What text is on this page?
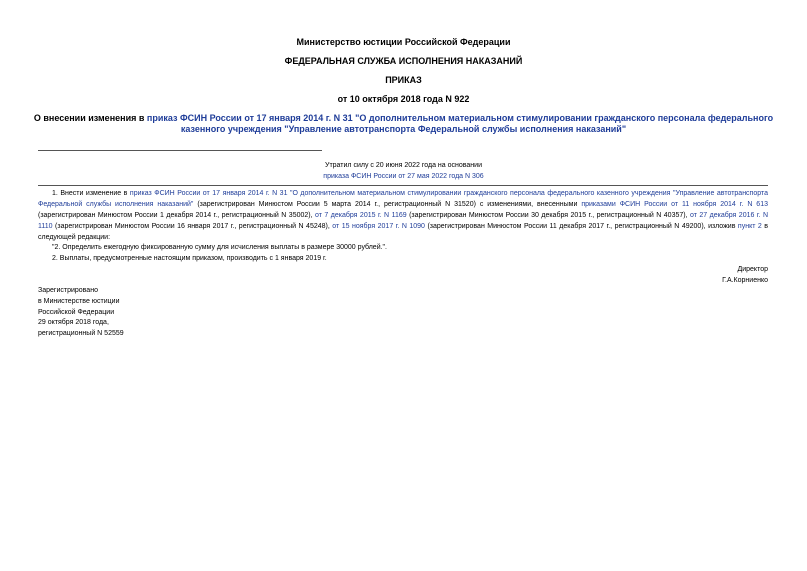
Министерство юстиции Российской Федерации
ФЕДЕРАЛЬНАЯ СЛУЖБА ИСПОЛНЕНИЯ НАКАЗАНИЙ
ПРИКАЗ
от 10 октября 2018 года N 922
О внесении изменения в приказ ФСИН России от 17 января 2014 г. N 31 "О дополнительном материальном стимулировании гражданского персонала федерального казенного учреждения "Управление автотранспорта Федеральной службы исполнения наказаний"
Утратил силу с 20 июня 2022 года на основании
приказа ФСИН России от 27 мая 2022 года N 306
1. Внести изменение в приказ ФСИН России от 17 января 2014 г. N 31 "О дополнительном материальном стимулировании гражданского персонала федерального казенного учреждения "Управление автотранспорта Федеральной службы исполнения наказаний" (зарегистрирован Минюстом России 5 марта 2014 г., регистрационный N 31520) с изменениями, внесенными приказами ФСИН России от 11 ноября 2014 г. N 613 (зарегистрирован Минюстом России 1 декабря 2014 г., регистрационный N 35002), от 7 декабря 2015 г. N 1169 (зарегистрирован Минюстом России 30 декабря 2015 г., регистрационный N 40357), от 27 декабря 2016 г. N 1110 (зарегистрирован Минюстом России 16 января 2017 г., регистрационный N 45248), от 15 ноября 2017 г. N 1090 (зарегистрирован Минюстом России 11 декабря 2017 г., регистрационный N 49200), изложив пункт 2 в следующей редакции:
"2. Определить ежегодную фиксированную сумму для исчисления выплаты в размере 30000 рублей.".
2. Выплаты, предусмотренные настоящим приказом, производить с 1 января 2019 г.
Директор
Г.А.Корниенко
Зарегистрировано
в Министерстве юстиции
Российской Федерации
29 октября 2018 года,
регистрационный N 52559
